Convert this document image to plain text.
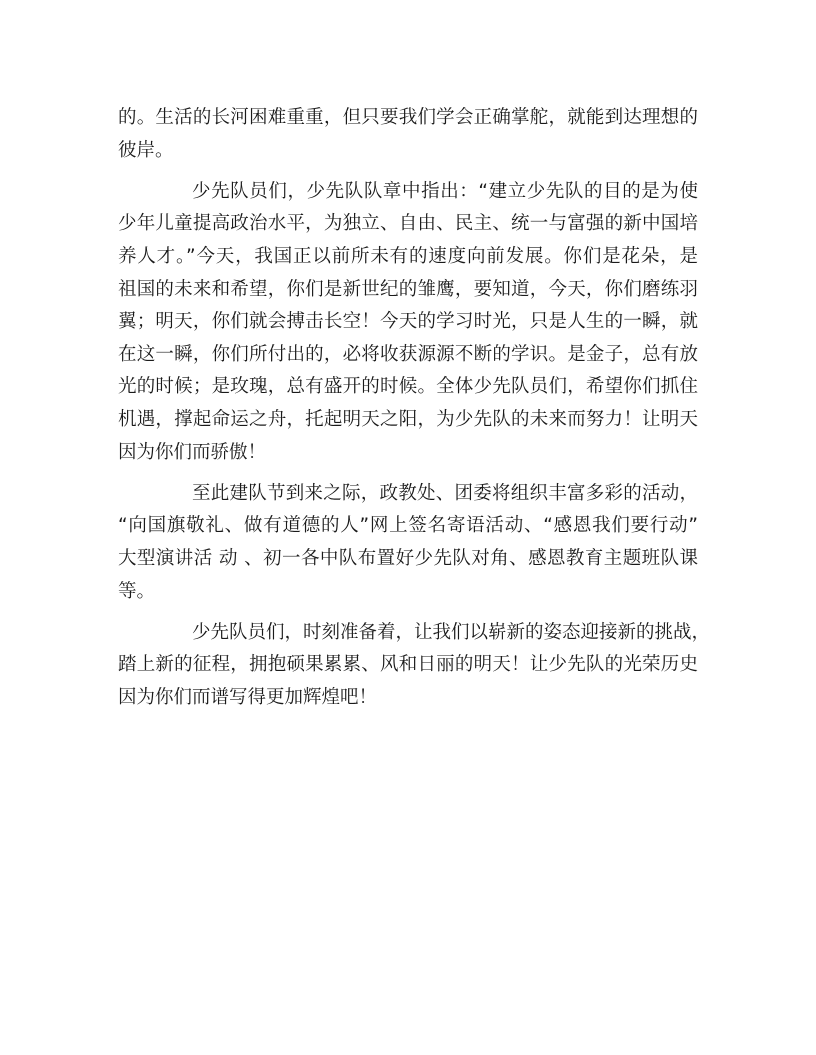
的。生活的长河困难重重，但只要我们学会正确掌舵，就能到达理想的
彼岸。

少先队员们，少先队队章中指出：“建立少先队的目的是为使
少年儿童提高政治水平，为独立、自由、民主、统一与富强的新中国培
养人才。”今天，我国正以前所未有的速度向前发展。你们是花朵，是
祖国的未来和希望，你们是新世纪的雏鹰，要知道，今天，你们磨练羽
翼；明天，你们就会搏击长空！今天的学习时光，只是人生的一瞬，就
在这一瞬，你们所付出的，必将收获源源不断的学识。是金子，总有放
光的时候；是玫瑰，总有盛开的时候。全体少先队员们，希望你们抓住
机遇，撑起命运之舟，托起明天之阳，为少先队的未来而努力！让明天
因为你们而骄傲！

至此建队节到来之际，政教处、团委将组织丰富多彩的活动，
“向国旗敬礼、做有道德的人”网上签名寄语活动、“感恩我们要行动”
大型演讲活 动 、初一各中队布置好少先队对角、感恩教育主题班队课
等。

少先队员们，时刻准备着，让我们以崭新的姿态迎接新的挑战，
踏上新的征程，拥抱硕果累累、风和日丽的明天！让少先队的光荣历史
因为你们而谱写得更加辉煌吧！
